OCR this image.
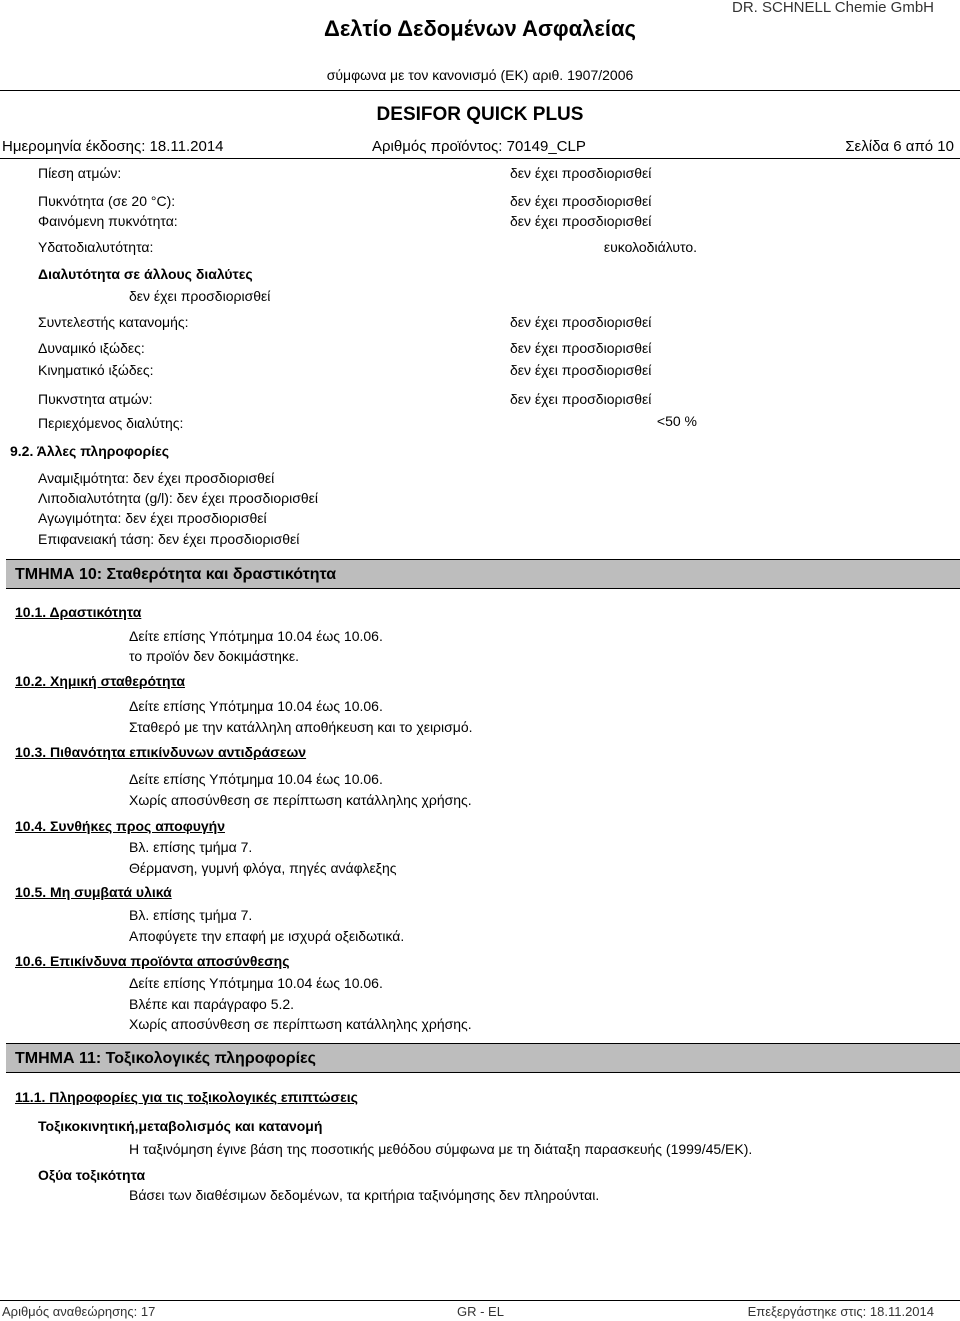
Δελτίο Δεδομένων Ασφαλείας
DR. SCHNELL Chemie GmbH
σύμφωνα με τον κανονισμό (ΕΚ) αριθ. 1907/2006
DESIFOR QUICK PLUS
Ημερομηνία έκδοσης: 18.11.2014	Αριθμός προϊόντος: 70149_CLP	Σελίδα 6 από 10
Πίεση ατμών:	δεν έχει προσδιορισθεί
Πυκνότητα (σε 20 °C):	δεν έχει προσδιορισθεί
Φαινόμενη πυκνότητα:	δεν έχει προσδιορισθεί
Υδατοδιαλυτότητα:	ευκολοδιάλυτο.
Διαλυτότητα σε άλλους διαλύτες
δεν έχει προσδιορισθεί
Συντελεστής κατανομής:	δεν έχει προσδιορισθεί
Δυναμικό ιξώδες:	δεν έχει προσδιορισθεί
Κινηματικό ιξώδες:	δεν έχει προσδιορισθεί
Πυκνστητα ατμών:	δεν έχει προσδιορισθεί
Περιεχόμενος διαλύτης:	<50 %
9.2. Άλλες πληροφορίες
Αναμιξιμότητα: δεν έχει προσδιορισθεί
Λιποδιαλυτότητα (g/l): δεν έχει προσδιορισθεί
Αγωγιμότητα: δεν έχει προσδιορισθεί
Επιφανειακή τάση: δεν έχει προσδιορισθεί
ΤΜΗΜΑ 10: Σταθερότητα και δραστικότητα
10.1. Δραστικότητα
Δείτε επίσης Υπότμημα 10.04 έως 10.06.
το προϊόν δεν δοκιμάστηκε.
10.2. Χημική σταθερότητα
Δείτε επίσης Υπότμημα 10.04 έως 10.06.
Σταθερό με την κατάλληλη αποθήκευση και το χειρισμό.
10.3. Πιθανότητα επικίνδυνων αντιδράσεων
Δείτε επίσης Υπότμημα 10.04 έως 10.06.
Χωρίς αποσύνθεση σε περίπτωση κατάλληλης χρήσης.
10.4. Συνθήκες προς αποφυγήν
Βλ. επίσης τμήμα 7.
Θέρμανση, γυμνή φλόγα, πηγές ανάφλεξης
10.5. Μη συμβατά υλικά
Βλ. επίσης τμήμα 7.
Αποφύγετε την επαφή με ισχυρά οξειδωτικά.
10.6. Επικίνδυνα προϊόντα αποσύνθεσης
Δείτε επίσης Υπότμημα 10.04 έως 10.06.
Βλέπε και παράγραφο 5.2.
Χωρίς αποσύνθεση σε περίπτωση κατάλληλης χρήσης.
ΤΜΗΜΑ 11: Τοξικολογικές πληροφορίες
11.1. Πληροφορίες για τις τοξικολογικές επιπτώσεις
Τοξικοκινητική,μεταβολισμός και κατανομή
Η ταξινόμηση έγινε βάση της ποσοτικής μεθόδου σύμφωνα με τη διάταξη παρασκευής (1999/45/ΕΚ).
Οξύα τοξικότητα
Βάσει των διαθέσιμων δεδομένων, τα κριτήρια ταξινόμησης δεν πληρούνται.
Αριθμός αναθεώρησης: 17	GR - EL	Επεξεργάστηκε στις: 18.11.2014
